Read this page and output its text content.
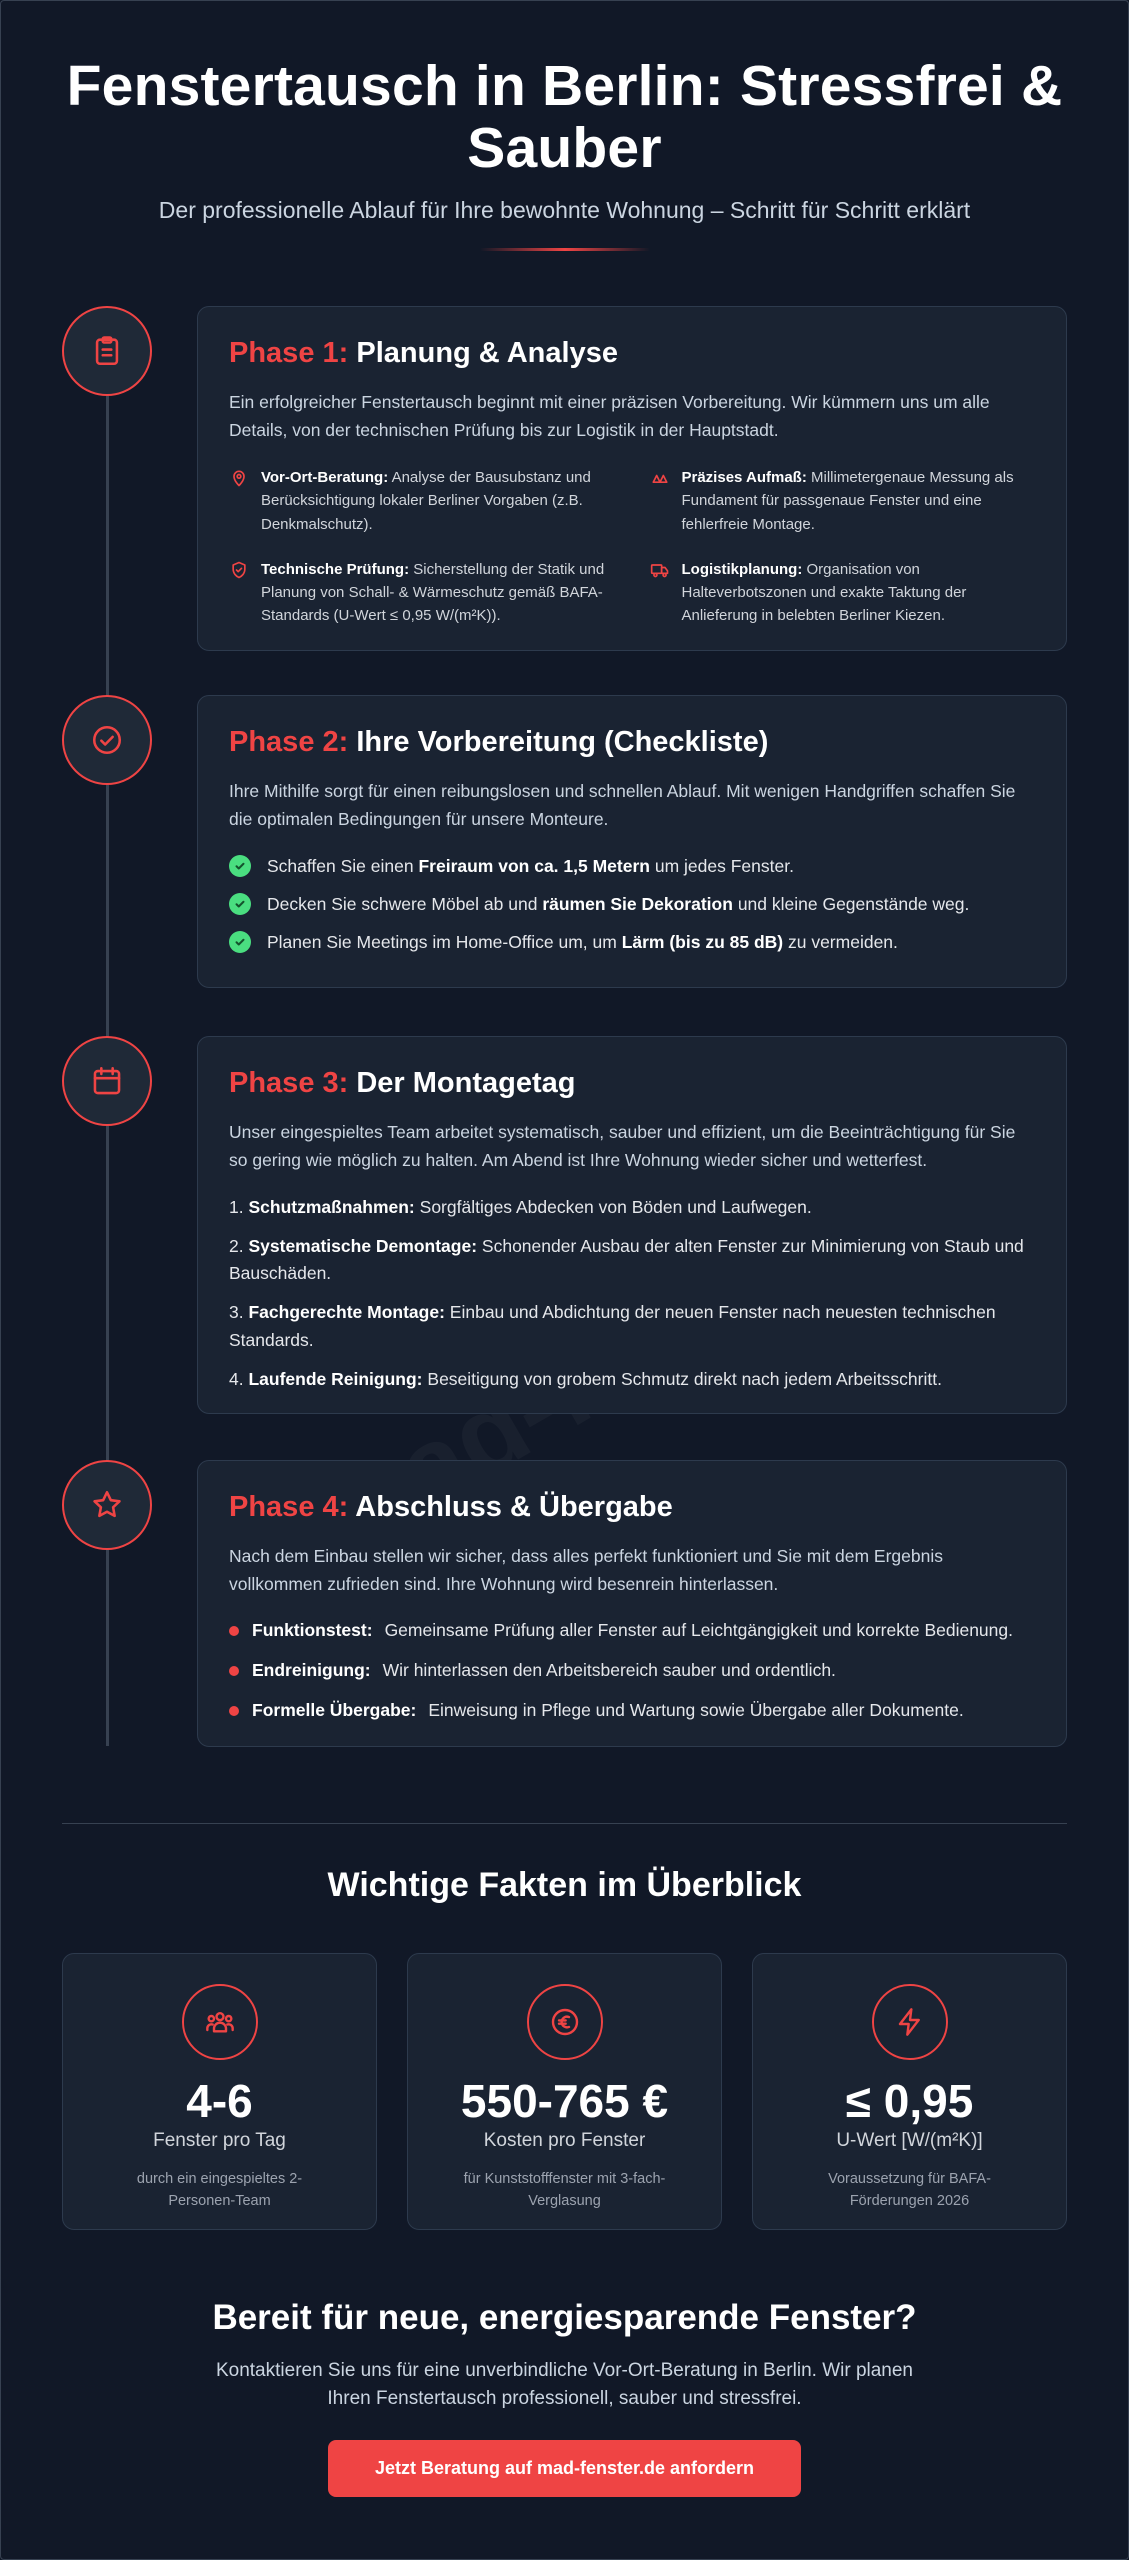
Fenstertausch in Berlin: Stressfrei & Sauber

Der professionelle Ablauf für Ihre bewohnte Wohnung – Schritt für Schritt erklärt

Phase 1: Planung & Analyse

Ein erfolgreicher Fenstertausch beginnt mit einer präzisen Vorbereitung. Wir kümmern uns um alle Details, von der technischen Prüfung bis zur Logistik in der Hauptstadt.

Vor-Ort-Beratung: Analyse der Bausubstanz und Berücksichtigung lokaler Berliner Vorgaben (z.B. Denkmalschutz).
Präzises Aufmaß: Millimetergenaue Messung als Fundament für passgenaue Fenster und eine fehlerfreie Montage.
Technische Prüfung: Sicherstellung der Statik und Planung von Schall- & Wärmeschutz gemäß BAFA-Standards (U-Wert ≤ 0,95 W/(m²K)).
Logistikplanung: Organisation von Halteverbotszonen und exakte Taktung der Anlieferung in belebten Berliner Kiezen.
Phase 2: Ihre Vorbereitung (Checkliste)

Ihre Mithilfe sorgt für einen reibungslosen und schnellen Ablauf. Mit wenigen Handgriffen schaffen Sie die optimalen Bedingungen für unsere Monteure.

Schaffen Sie einen Freiraum von ca. 1,5 Metern um jedes Fenster.
Decken Sie schwere Möbel ab und räumen Sie Dekoration und kleine Gegenstände weg.
Planen Sie Meetings im Home-Office um, um Lärm (bis zu 85 dB) zu vermeiden.
Phase 3: Der Montagetag

Unser eingespieltes Team arbeitet systematisch, sauber und effizient, um die Beeinträchtigung für Sie so gering wie möglich zu halten. Am Abend ist Ihre Wohnung wieder sicher und wetterfest.

1. Schutzmaßnahmen: Sorgfältiges Abdecken von Böden und Laufwegen.
2. Systematische Demontage: Schonender Ausbau der alten Fenster zur Minimierung von Staub und Bauschäden.
3. Fachgerechte Montage: Einbau und Abdichtung der neuen Fenster nach neuesten technischen Standards.
4. Laufende Reinigung: Beseitigung von grobem Schmutz direkt nach jedem Arbeitsschritt.
Phase 4: Abschluss & Übergabe

Nach dem Einbau stellen wir sicher, dass alles perfekt funktioniert und Sie mit dem Ergebnis vollkommen zufrieden sind. Ihre Wohnung wird besenrein hinterlassen.

Funktionstest: Gemeinsame Prüfung aller Fenster auf Leichtgängigkeit und korrekte Bedienung.
Endreinigung: Wir hinterlassen den Arbeitsbereich sauber und ordentlich.
Formelle Übergabe: Einweisung in Pflege und Wartung sowie Übergabe aller Dokumente.
Wichtige Fakten im Überblick
4-6
Fenster pro Tag
durch ein eingespieltes 2-Personen-Team
550-765 €
Kosten pro Fenster
für Kunststofffenster mit 3-fach-Verglasung
≤ 0,95
U-Wert [W/(m²K)]
Voraussetzung für BAFA-Förderungen 2026
Bereit für neue, energiesparende Fenster?

Kontaktieren Sie uns für eine unverbindliche Vor-Ort-Beratung in Berlin. Wir planen Ihren Fenstertausch professionell, sauber und stressfrei.

Jetzt Beratung auf mad-fenster.de anfordern
